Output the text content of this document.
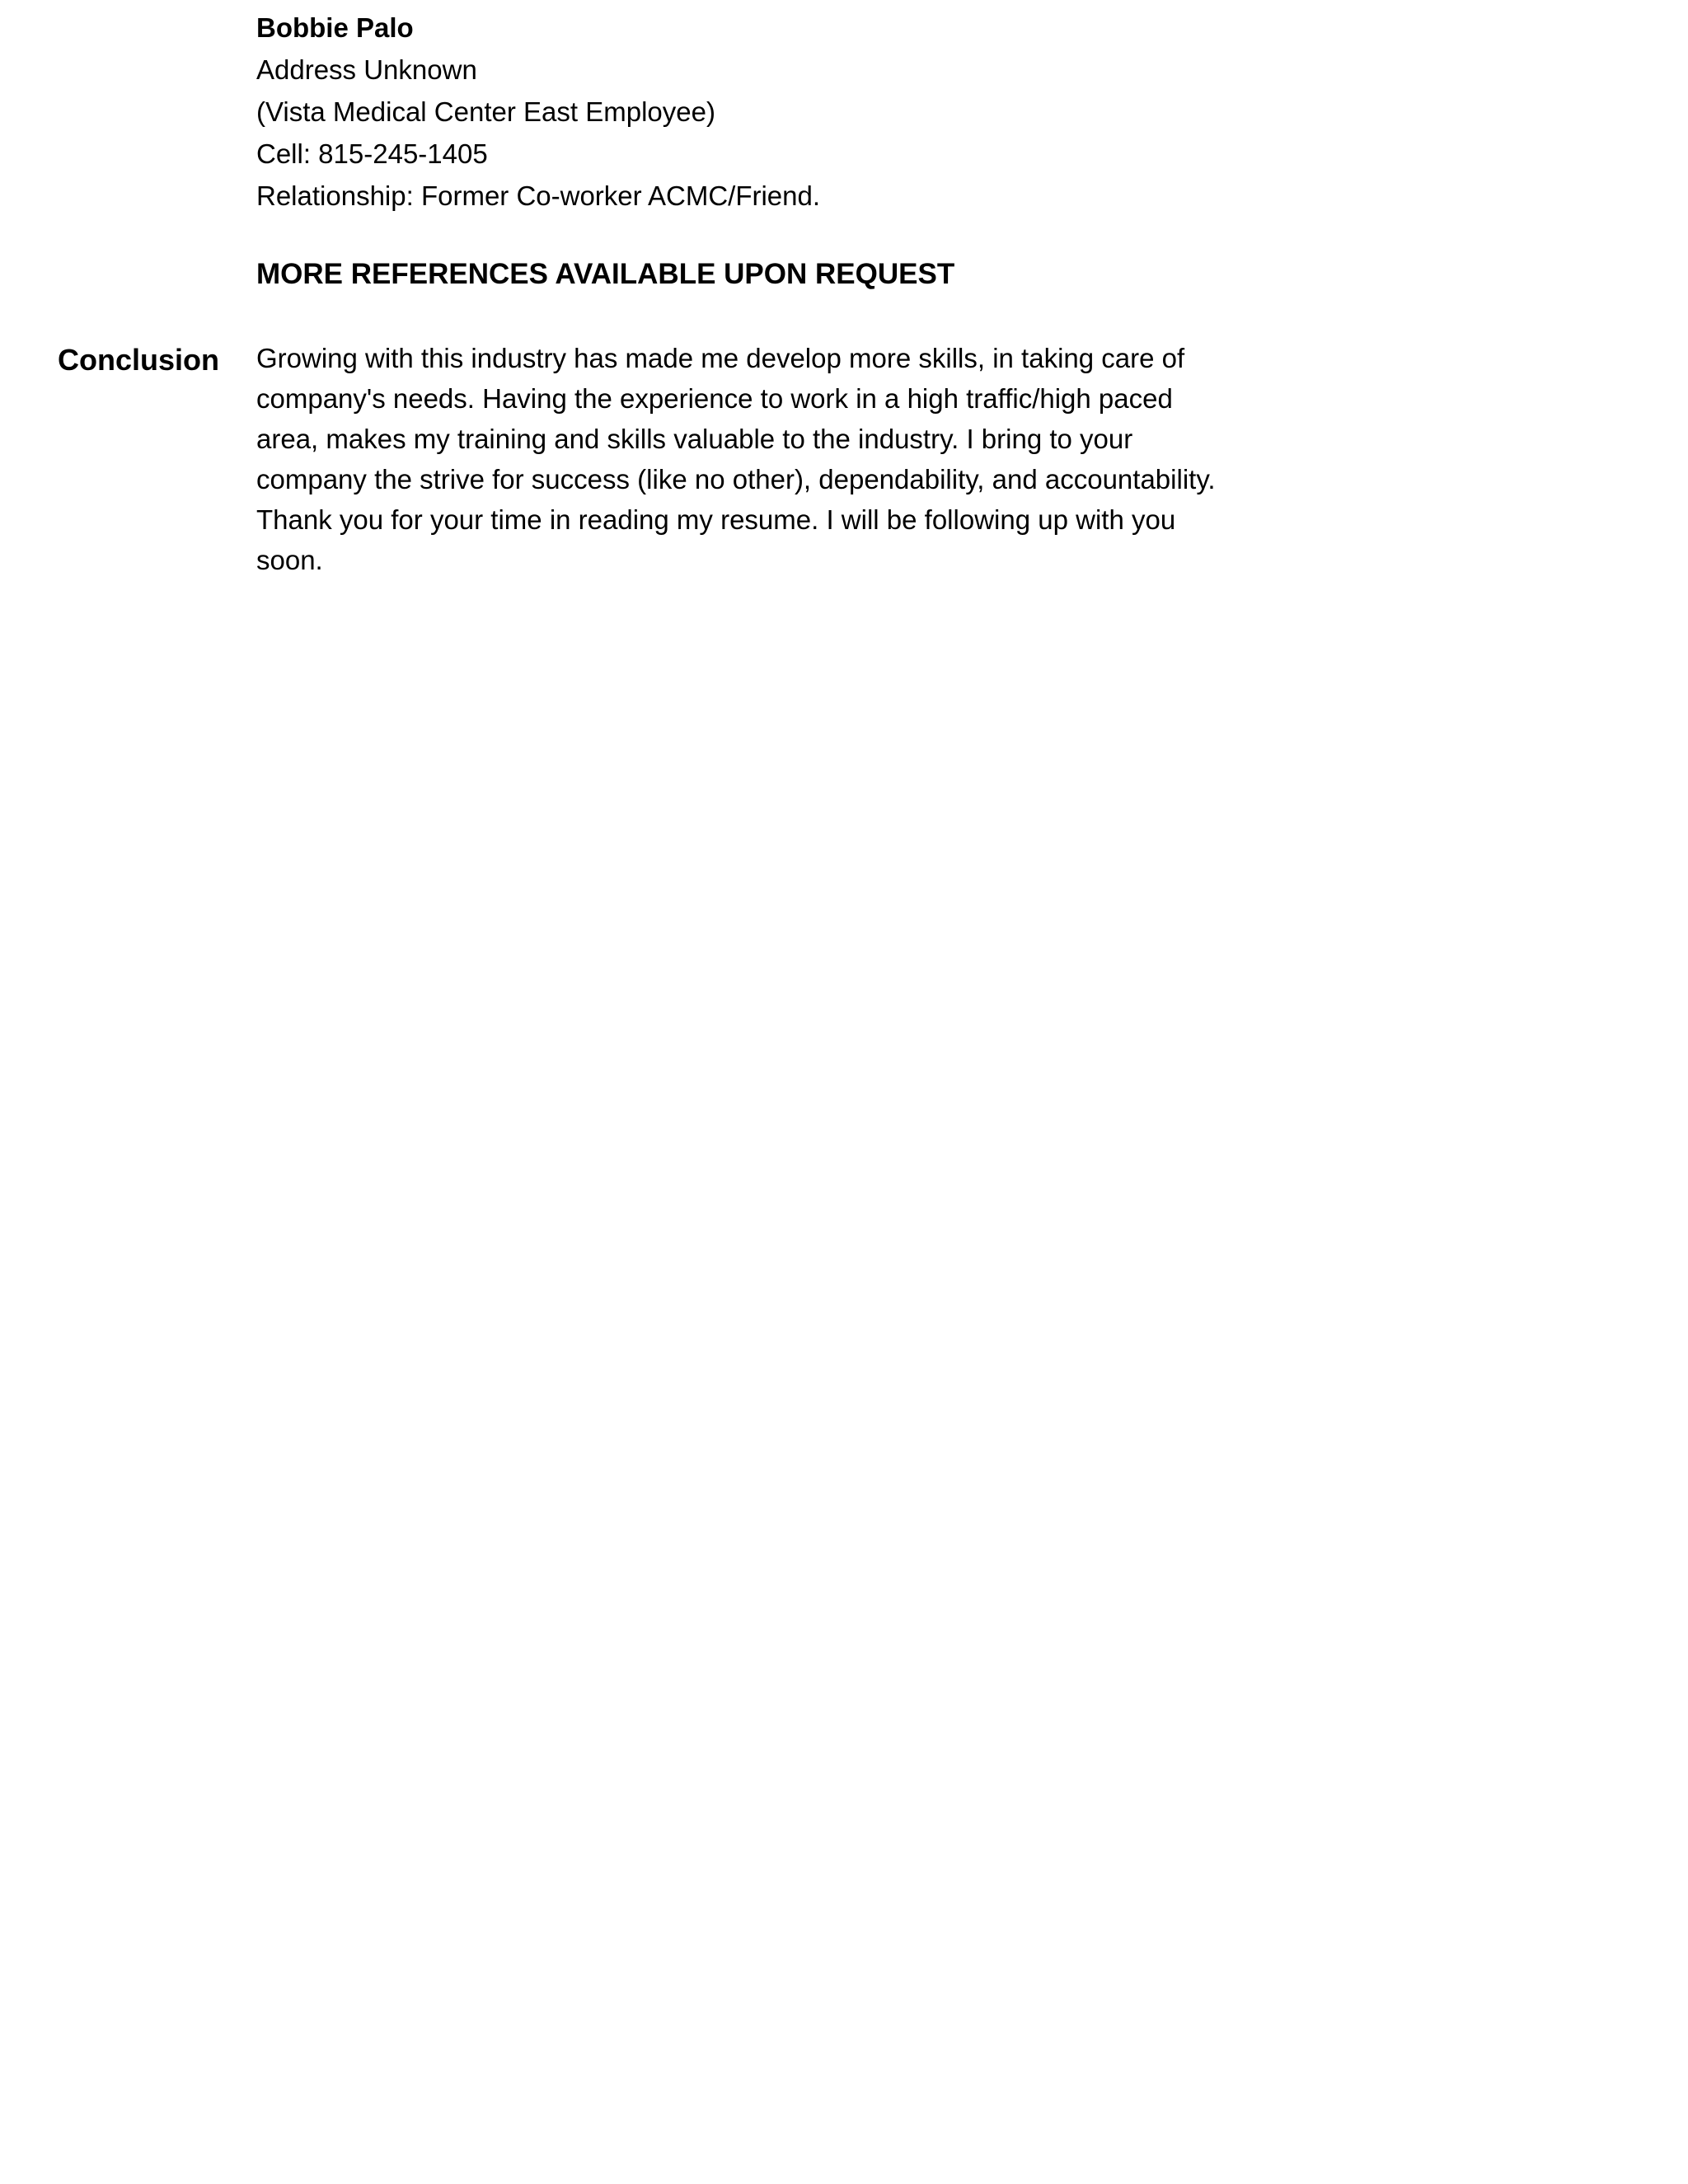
Bobbie Palo
Address Unknown
(Vista Medical Center East Employee)
Cell: 815-245-1405
Relationship: Former Co-worker ACMC/Friend.
MORE REFERENCES AVAILABLE UPON REQUEST
Conclusion Growing with this industry has made me develop more skills, in taking care of
company's needs. Having the experience to work in a high traffic/high paced
area, makes my training and skills valuable to the industry. I bring to your
company the strive for success (like no other), dependability, and accountability.
Thank you for your time in reading my resume. I will be following up with you
soon.
